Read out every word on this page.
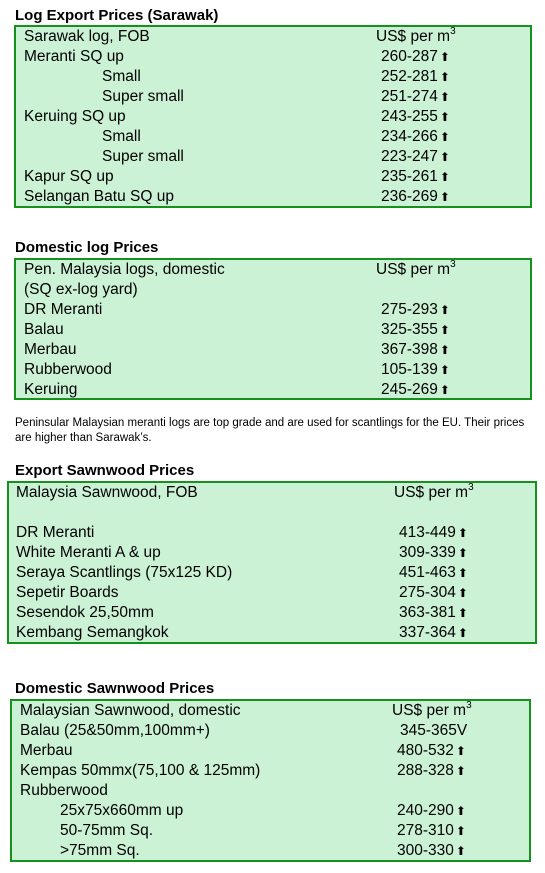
Log Export Prices (Sarawak)
Sarawak log, FOB	US$ per $m^3$
Meranti SQ up	260-287 ⬆
Small	252-281 ⬆
Super small	251-274 ⬆
Keruing SQ up	243-255 ⬆
Small	234-266 ⬆
Super small	223-247 ⬆
Kapur SQ up	235-261 ⬆
Selangan Batu SQ up	236-269 ⬆
Domestic log Prices
Pen. Malaysia logs, domestic	US$ per $m^3$
(SQ ex-log yard)
DR Meranti	275-293 ⬆
Balau	325-355 ⬆
Merbau	367-398 ⬆
Rubberwood	105-139 ⬆
Keruing	245-269 ⬆
Peninsular Malaysian meranti logs are top grade and are used for scantlings for the EU. Their prices are higher than Sarawak’s.
Export Sawnwood Prices
Malaysia Sawnwood, FOB	US$ per $m^3$
DR Meranti	413-449 ⬆
White Meranti A & up	309-339 ⬆
Seraya Scantlings (75x125 KD)	451-463 ⬆
Sepetir Boards	275-304 ⬆
Sesendok 25,50mm	363-381 ⬆
Kembang Semangkok	337-364 ⬆
Domestic Sawnwood Prices
Malaysian Sawnwood, domestic	US$ per $m^3$
Balau (25&50mm,100mm+)	345-365V
Merbau	480-532 ⬆
Kempas 50mmx(75,100 & 125mm)	288-328 ⬆
Rubberwood
25x75x660mm up	240-290 ⬆
50-75mm Sq.	278-310 ⬆
>75mm Sq.	300-330 ⬆
